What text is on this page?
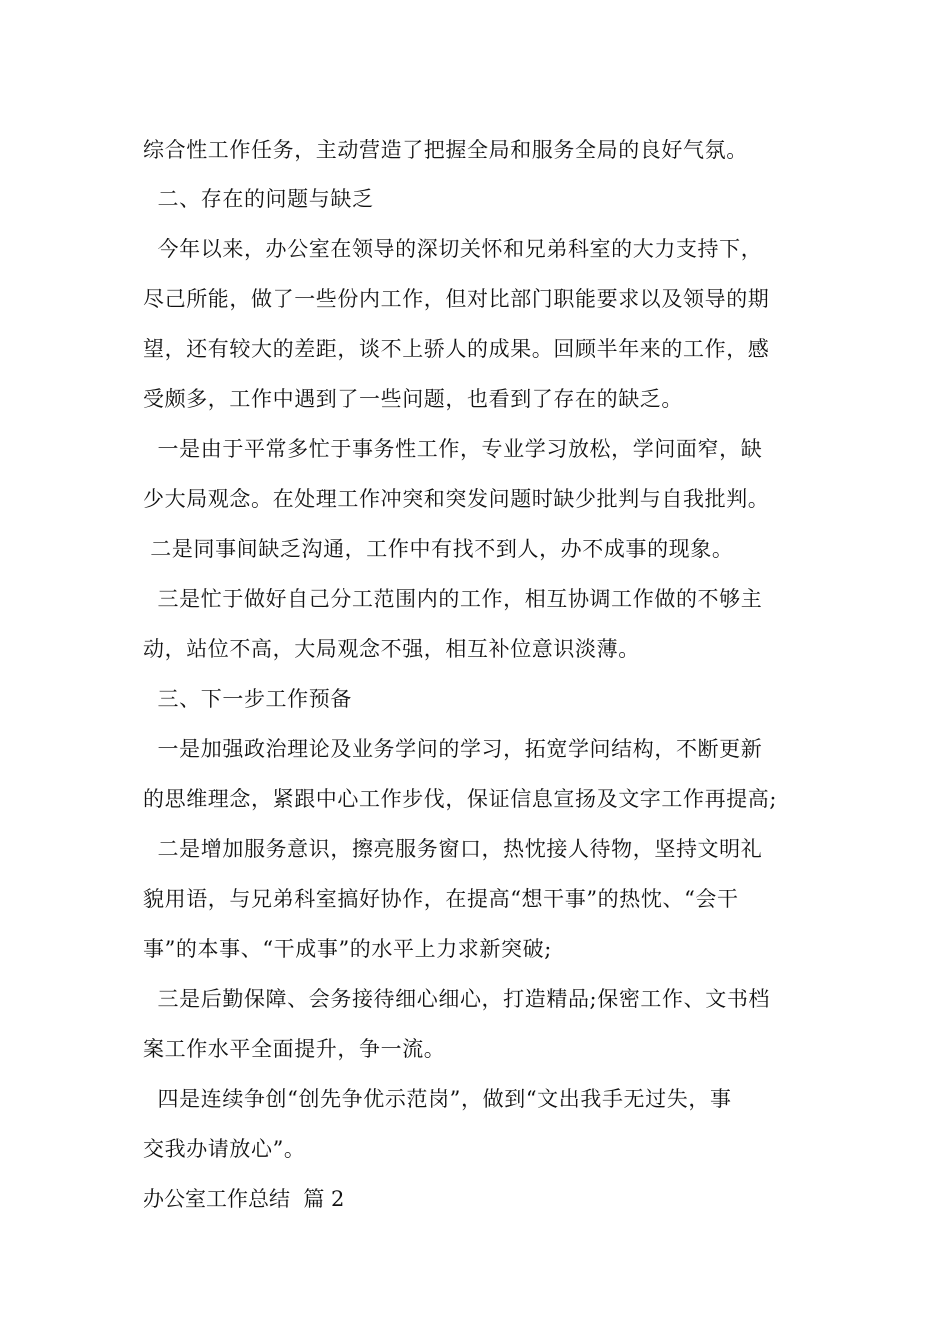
综合性工作任务，主动营造了把握全局和服务全局的良好气氛。
二、存在的问题与缺乏
今年以来，办公室在领导的深切关怀和兄弟科室的大力支持下，
尽己所能，做了一些份内工作，但对比部门职能要求以及领导的期
望，还有较大的差距，谈不上骄人的成果。回顾半年来的工作，感
受颇多，工作中遇到了一些问题，也看到了存在的缺乏。
一是由于平常多忙于事务性工作，专业学习放松，学问面窄，缺
少大局观念。在处理工作冲突和突发问题时缺少批判与自我批判。
二是同事间缺乏沟通，工作中有找不到人，办不成事的现象。
三是忙于做好自己分工范围内的工作，相互协调工作做的不够主
动，站位不高，大局观念不强，相互补位意识淡薄。
三、下一步工作预备
一是加强政治理论及业务学问的学习，拓宽学问结构，不断更新
的思维理念，紧跟中心工作步伐，保证信息宣扬及文字工作再提高;
二是增加服务意识，擦亮服务窗口，热忱接人待物，坚持文明礼
貌用语，与兄弟科室搞好协作，在提高“想干事”的热忱、“会干
事”的本事、“干成事”的水平上力求新突破;
三是后勤保障、会务接待细心细心，打造精品;保密工作、文书档
案工作水平全面提升，争一流。
四是连续争创“创先争优示范岗”，做到“文出我手无过失，事
交我办请放心”。
办公室工作总结  篇 2
